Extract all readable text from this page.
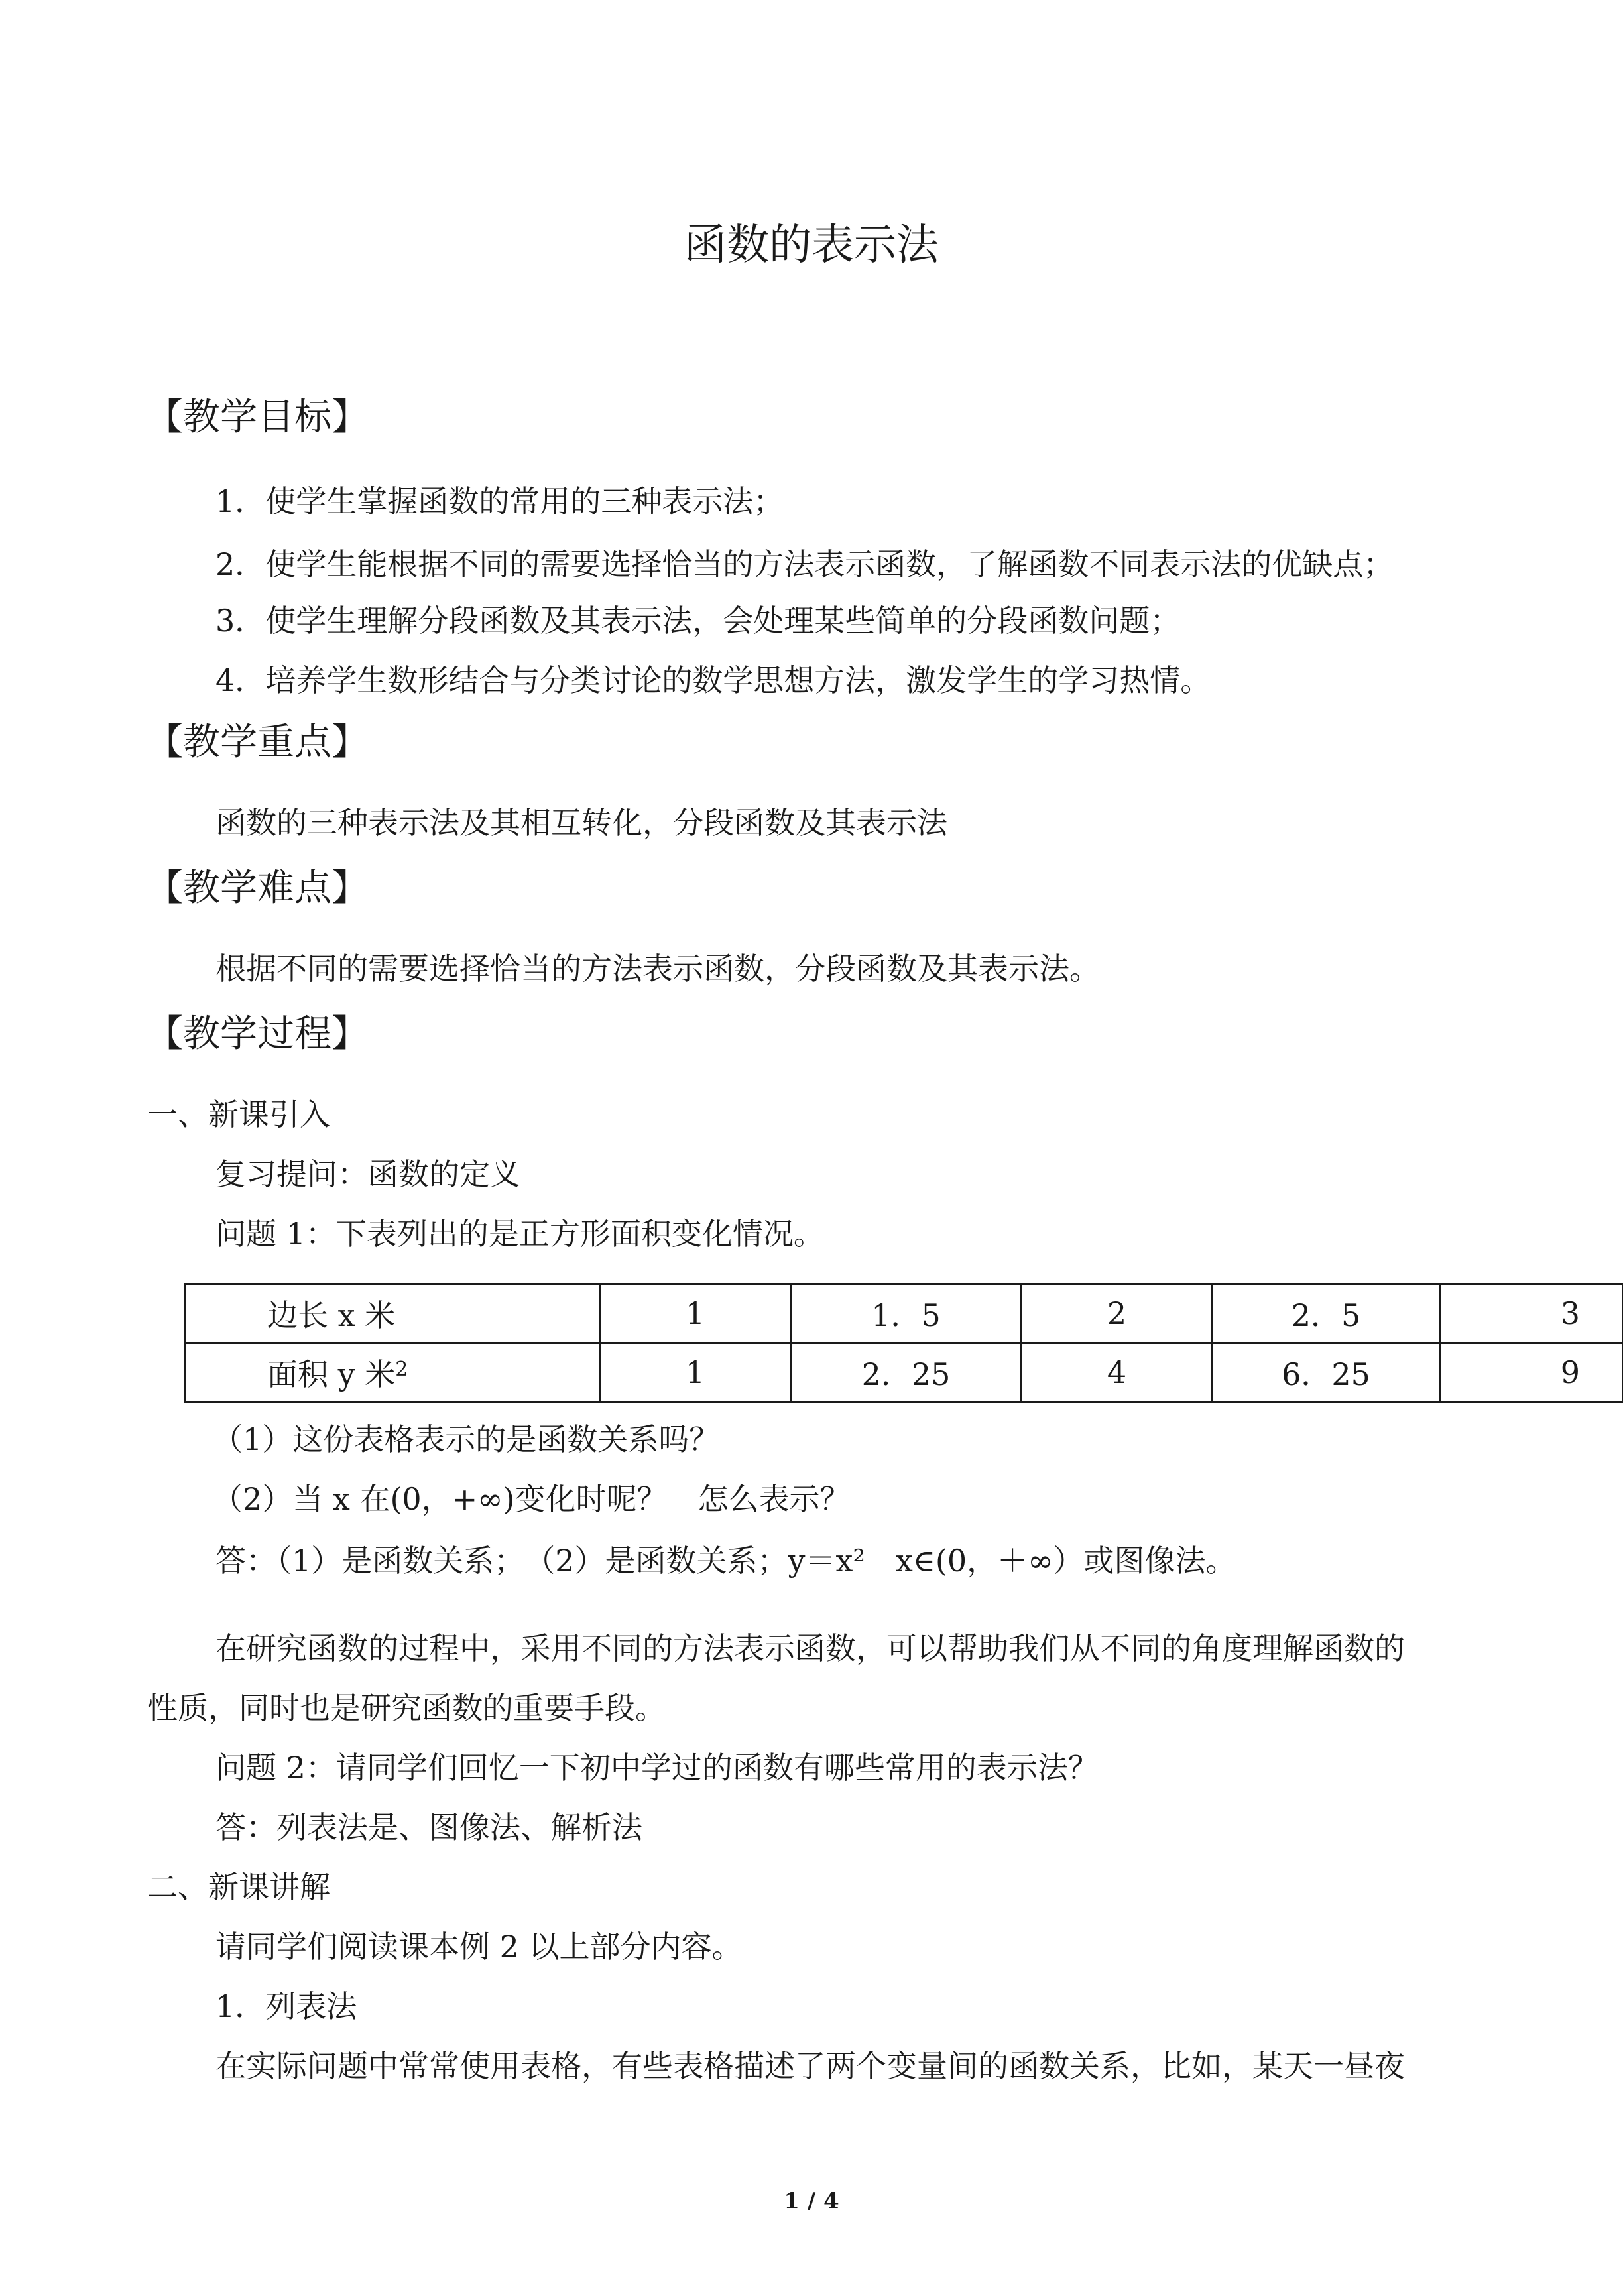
函数的表示法
【教学目标】
1．使学生掌握函数的常用的三种表示法；
2．使学生能根据不同的需要选择恰当的方法表示函数，了解函数不同表示法的优缺点；
3．使学生理解分段函数及其表示法，会处理某些简单的分段函数问题；
4．培养学生数形结合与分类讨论的数学思想方法，激发学生的学习热情。
【教学重点】
函数的三种表示法及其相互转化，分段函数及其表示法
【教学难点】
根据不同的需要选择恰当的方法表示函数，分段函数及其表示法。
【教学过程】
一、新课引入
复习提问：函数的定义
问题 1：下表列出的是正方形面积变化情况。
边长 x 米	1	1．5	2	2．5	3
面积 y 米$^2$	1	2．25	4	6．25	9
（1）这份表格表示的是函数关系吗？
（2）当 x 在(0，+∞)变化时呢？　怎么表示？
答：（1）是函数关系；　（2）是函数关系；y＝x²　x∈(0，＋∞）或图像法。
在研究函数的过程中，采用不同的方法表示函数，可以帮助我们从不同的角度理解函数的
性质，同时也是研究函数的重要手段。
问题 2：请同学们回忆一下初中学过的函数有哪些常用的表示法？
答：列表法是、图像法、解析法
二、新课讲解
请同学们阅读课本例 2 以上部分内容。
1．列表法
在实际问题中常常使用表格，有些表格描述了两个变量间的函数关系，比如，某天一昼夜
1 / 4
